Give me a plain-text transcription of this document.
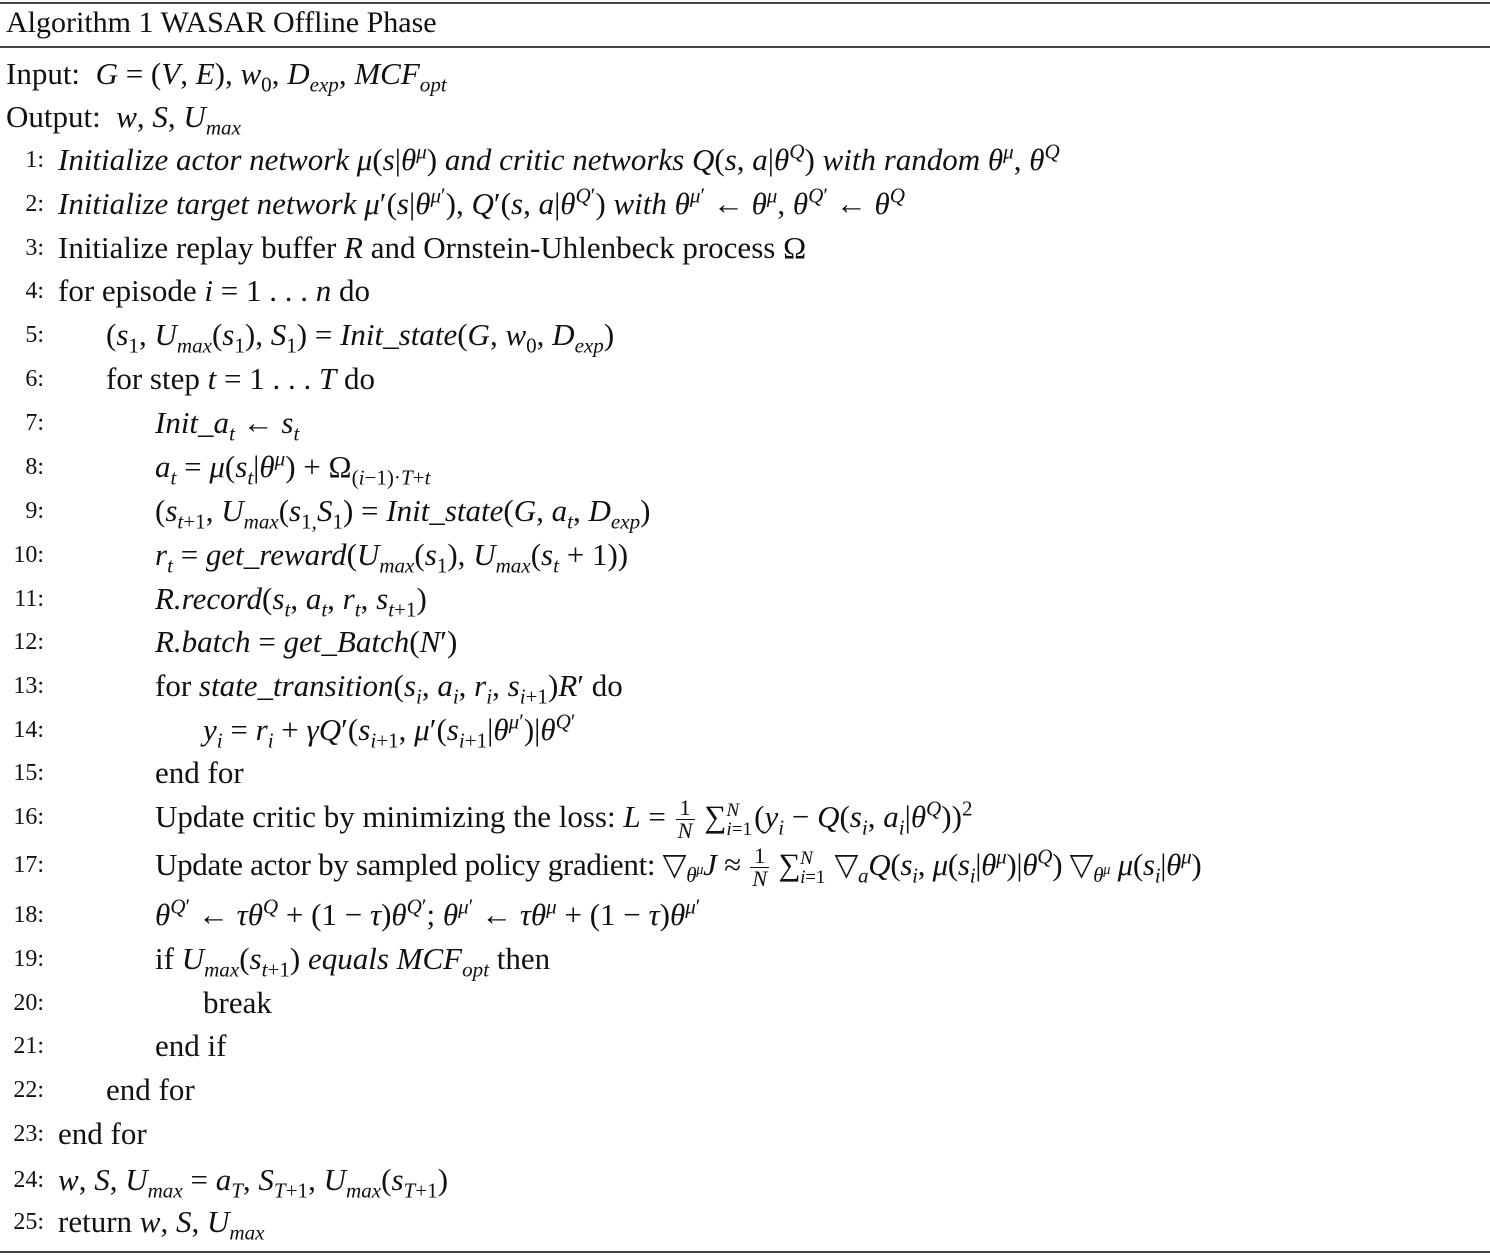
Algorithm 1 WASAR Offline Phase
Input: G = (V, E), $w_0$, $D_{exp}$, $MCF_{opt}$
Output: w, S, $U_{max}$
1: Initialize actor network $\mu(s|\theta^\mu)$ and critic networks Q(s, $a|\theta^Q$) with random $\theta^\mu$, $\theta^Q$
2: Initialize target network $\mu'(s|\theta^{\mu'})$, Q′(s, $a|\theta^{Q'}$) with $\theta^{\mu'}$ ← $\theta^\mu$, $\theta^{Q'}$ ← $\theta^Q$
3: Initialize replay buffer R and Ornstein-Uhlenbeck process Ω
4: for episode i = 1 . . . n do
5: ($s_1$, $U_{max}(s_1)$, $S_1$) = Init_state(G, $w_0$, $D_{exp}$)
6: for step t = 1 . . . T do
7:	$Init\_a_t$ ← $s_t$
8:	$a_t = \mu(s_t|\theta^\mu) + \Omega_{(i-1)\cdot T+t}$
9:	($s_{t+1}$, $U_{max}(s_{1,}S_1)$ = Init_state(G, $a_t$, $D_{exp}$)
10:	$r_t$ = $get\_reward(U_{max}(s_1)$, $U_{max}(s_t + 1)$)
11:	$R.record(s_t$, $a_t$, $r_t$, $s_{t+1}$)
12:	R.batch = get_Batch(N′)
13:	for $state\_transition(s_i$, $a_i$, $r_i$, $s_{i+1})R'$ do
14:	$y_i = r_i + \gamma Q'(s_{i+1}$, $\mu'(s_{i+1}|\theta^{\mu'})|\theta^{Q'}$
15:	end for
16:	Update critic by minimizing the loss: $L = \frac{1}{N}$ ∑ N
i=1 ($y_i - Q(s_i$, $a_i|\theta^Q))^2$
17:	Update actor by sampled policy gradient: $▽_{\theta^\mu}J \approx \frac{1}{N}$ ∑ N
i=1 $▽_aQ(s_i$, $\mu(s_i|\theta^\mu)|\theta^Q$) $▽_{\theta^\mu}$ $\mu(s_i|\theta^\mu)$
18:	$\theta^{Q'}$ ← $\tau\theta^Q + (1 - \tau)\theta^{Q'}$; $\theta^{\mu'}$ ← $\tau\theta^\mu + (1 - \tau)\theta^{\mu'}$
19:	if $U_{max}(s_{t+1})$ equals $MCF_{opt}$ then
20:	break
21:	end if
22: end for
23: end for
24: w, S, $U_{max} = a_T$, $S_{T+1}$, $U_{max}(s_{T+1})$
25: return w, S, $U_{max}$
